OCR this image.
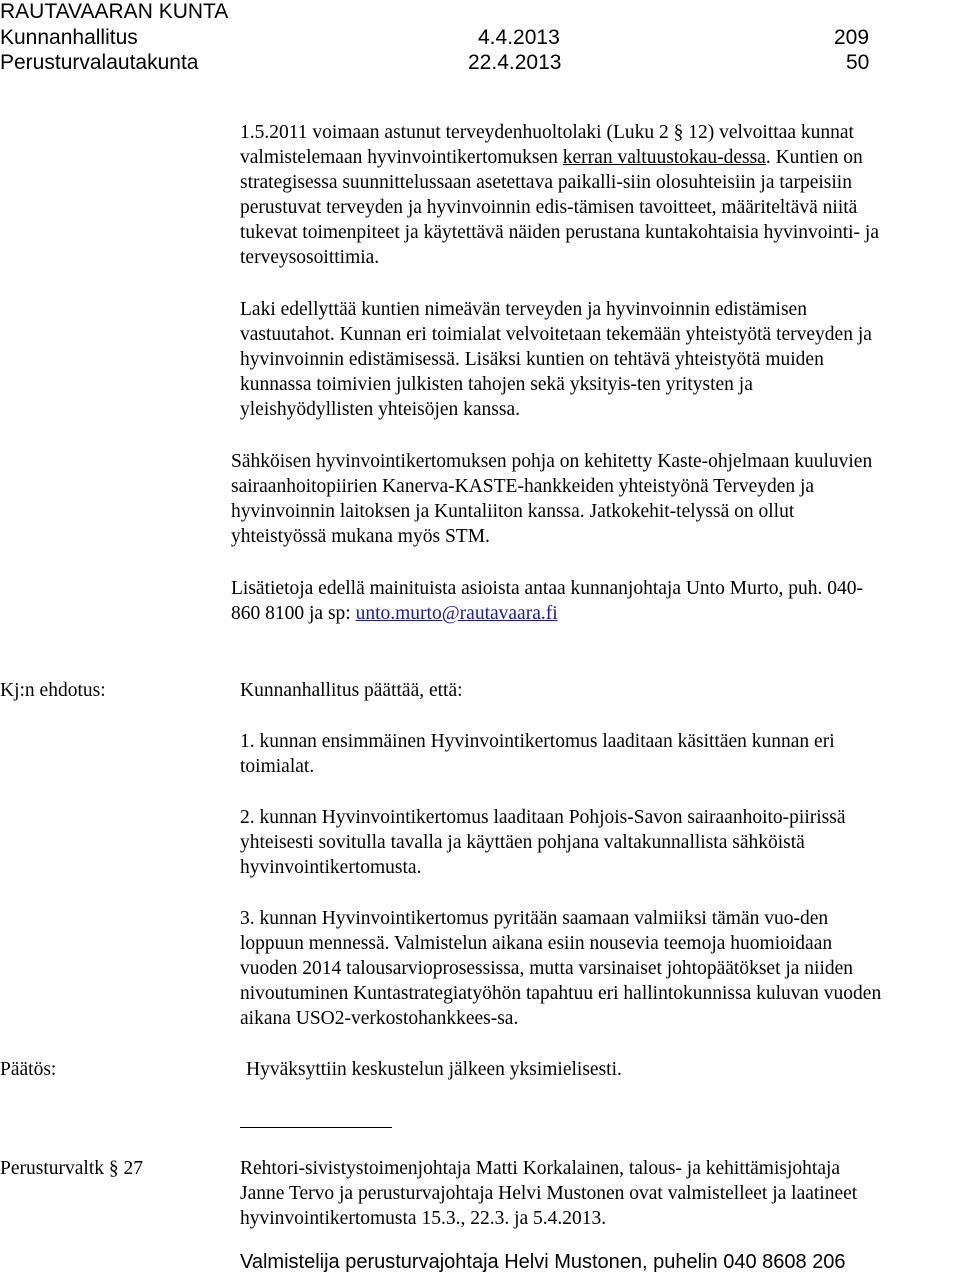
RAUTAVAARAN KUNTA
Kunnanhallitus	4.4.2013	209
Perusturvalautakunta	22.4.2013	50
1.5.2011 voimaan astunut terveydenhuoltolaki (Luku 2 § 12) velvoittaa kunnat
valmistelemaan hyvinvointikertomuksen kerran valtuustokau-dessa. Kuntien on
strategisessa suunnittelussaan asetettava paikalli-siin olosuhteisiin ja tarpeisiin
perustuvat terveyden ja hyvinvoinnin edis-tämisen tavoitteet, määriteltävä niitä
tukevat toimenpiteet ja käytettävä näiden perustana kuntakohtaisia hyvinvointi- ja
terveysosoittimia.
Laki edellyttää kuntien nimeävän terveyden ja hyvinvoinnin edistämisen
vastuutahot. Kunnan eri toimialat velvoitetaan tekemään yhteistyötä terveyden ja
hyvinvoinnin edistämisessä. Lisäksi kuntien on tehtävä yhteistyötä muiden
kunnassa toimivien julkisten tahojen sekä yksityis-ten yritysten ja
yleishyödyllisten yhteisöjen kanssa.
Sähköisen hyvinvointikertomuksen pohja on kehitetty Kaste-ohjelmaan kuuluvien
sairaanhoitopiirien Kanerva-KASTE-hankkeiden yhteistyönä Terveyden ja
hyvinvoinnin laitoksen ja Kuntaliiton kanssa. Jatkokehit-telyssä on ollut
yhteistyössä mukana myös STM.
Lisätietoja edellä mainituista asioista antaa kunnanjohtaja Unto Murto, puh. 040-
860 8100 ja sp: unto.murto@rautavaara.fi
Kj:n ehdotus:	Kunnanhallitus päättää, että:
1. kunnan ensimmäinen Hyvinvointikertomus laaditaan käsittäen kunnan eri
toimialat.
2. kunnan Hyvinvointikertomus laaditaan Pohjois-Savon sairaanhoito-piirissä
yhteisesti sovitulla tavalla ja käyttäen pohjana valtakunnallista sähköistä
hyvinvointikertomusta.
3. kunnan Hyvinvointikertomus pyritään saamaan valmiiksi tämän vuo-den
loppuun mennessä. Valmistelun aikana esiin nousevia teemoja huomioidaan
vuoden 2014 talousarvioprosessissa, mutta varsinaiset johtopäätökset ja niiden
nivoutuminen Kuntastrategiatyöhön tapahtuu eri hallintokunnissa kuluvan vuoden
aikana USO2-verkostohankkees-sa.
Päätös:	Hyväksyttiin keskustelun jälkeen yksimielisesti.
Perusturvaltk § 27	Rehtori-sivistystoimenjohtaja Matti Korkalainen, talous- ja kehittämisjohtaja
Janne Tervo ja perusturvajohtaja Helvi Mustonen ovat valmistelleet ja laatineet
hyvinvointikertomusta 15.3., 22.3. ja 5.4.2013.
Valmistelija perusturvajohtaja Helvi Mustonen, puhelin 040 8608 206
